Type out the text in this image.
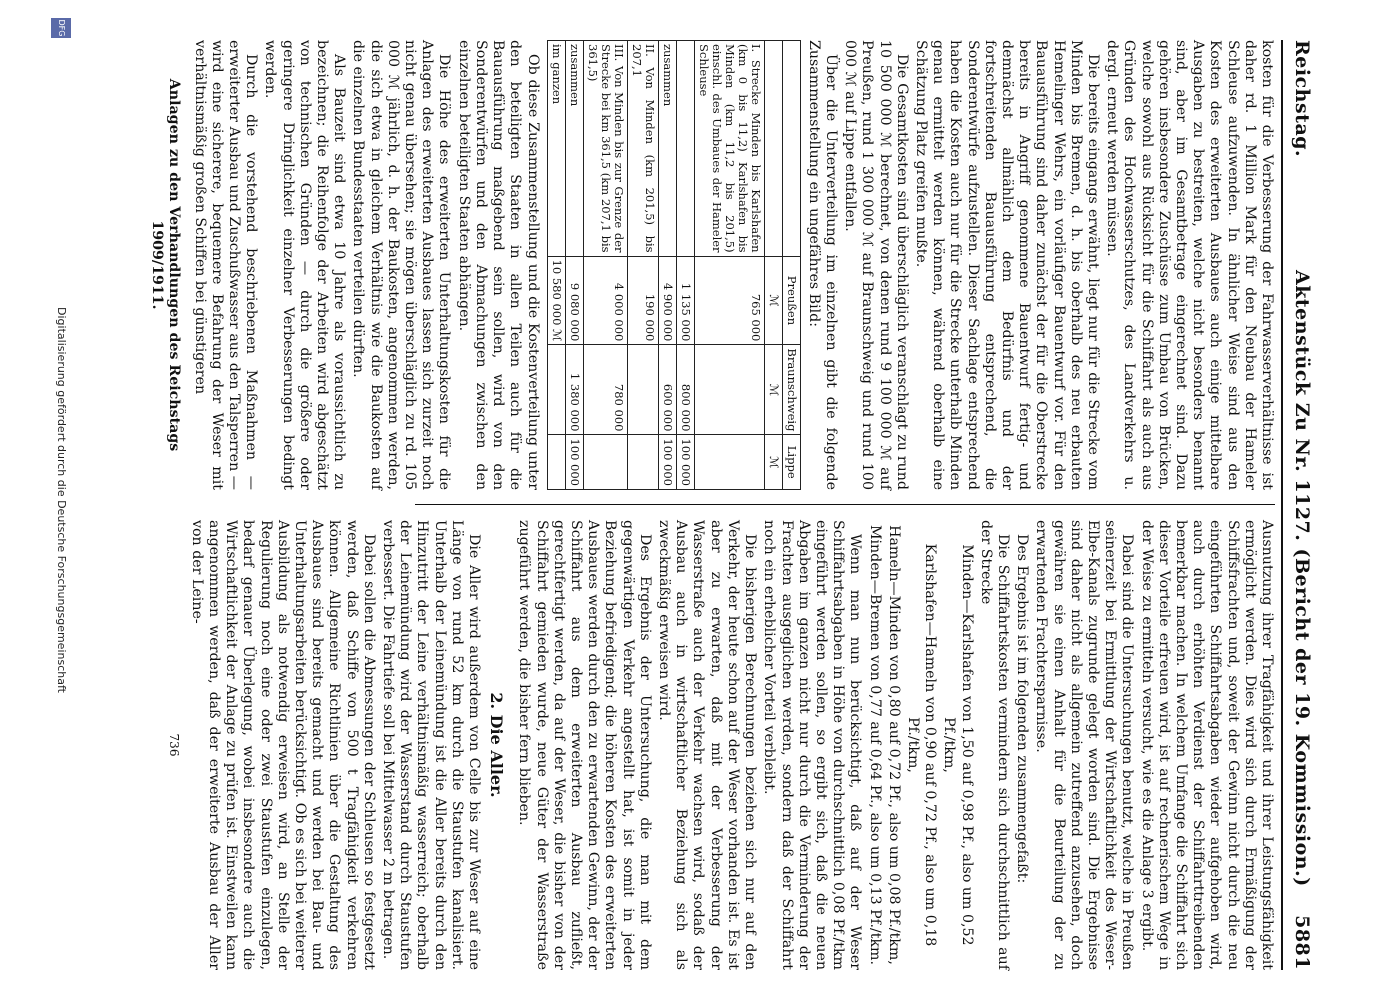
Reichstag.
Aktenstück Zu Nr. 1127. (Bericht der 19. Kommission.)
5881

kosten für die Verbesserung der Fahrwasserverhältnisse ist daher rd. 1 Million Mark für den Neubau der Hameler Schleuse aufzuwenden. In ähnlicher Weise sind aus den Kosten des erweiterten Ausbaues auch einige mittelbare Ausgaben zu bestreiten, welche nicht besonders benannt sind, aber im Gesamtbetrage eingerechnet sind. Dazu gehören insbesondere Zuschüsse zum Umbau von Brücken, welche sowohl aus Rücksicht für die Schiffahrt als auch aus Gründen des Hochwasserschutzes, des Landverkehrs u. dergl. erneut werden müssen.

Die bereits eingangs erwähnt, liegt nur für die Strecke vom Minden bis Bremen, d. h. bis oberhalb des neu erbauten Hemelinger Wehrs, ein vorläufiger Bauentwurf vor. Für den Bauausführung sind daher zunächst der für die Oberstrecke bereits in Angriff genommene Bauentwurf fertig- und demnächst allmählich dem Bedürfnis und der fortschreitenden Bauausführung entsprechend, die Sonderentwürfe aufzustellen. Dieser Sachlage entsprechend haben die Kosten auch nur für die Strecke unterhalb Minden genau ermittelt werden können, während oberhalb eine Schätzung Platz greifen mußte.

Die Gesamtkosten sind überschläglich veranschlagt zu rund 10 500 000 ℳ berechnet, von denen rund 9 100 000 ℳ auf Preußen, rund 1 300 000 ℳ auf Braunschweig und rund 100 000 ℳ auf Lippe entfallen.

Über die Unterverteilung im einzelnen gibt die folgende Zusammenstellung ein ungefähres Bild:

	Preußen	Braunschweig	Lippe
	ℳ	ℳ	ℳ
I. Strecke Minden bis Karlshafen (km 0 bis 11,2) Karlshafen bis Minden (km 11,2 bis 201,5) einschl. des Umbaues der Hameler Schleuse	765 000		
	1 135 000	800 000	100 000
zusammen	4 900 000	600 000	100 000
II. Von Minden (km 201,5) bis 207,1	190 000		
III. Von Minden bis zur Grenze der Strecke bei km 361,5 (km 207,1 bis 361,5)	4 000 000	780 000	
zusammen	9 080 000	1 380 000	100 000
im ganzen	10 580 000 ℳ		

Ob diese Zusammenstellung und die Kostenverteilung unter den beteiligten Staaten in allen Teilen auch für die Bauausführung maßgebend sein sollen, wird von den Sonderentwürfen und den Abmachungen zwischen den einzelnen beteiligten Staaten abhängen.

Die Höhe des erweiterten Unterhaltungskosten für die Anlagen des erweiterten Ausbaues lassen sich zurzeit noch nicht genau übersehen; sie mögen überschläglich zu rd. 105 000 ℳ jährlich, d. h. der Baukosten, angenommen werden, die sich etwa in gleichem Verhältnis wie die Baukosten auf die einzelnen Bundesstaaten verteilen dürften.

Als Bauzeit sind etwa 10 Jahre als voraussichtlich zu bezeichnen; die Reihenfolge der Arbeiten wird abgeschätzt von technischen Gründen — durch die größere oder geringere Dringlichkeit einzelner Verbesserungen bedingt werden.

Durch die vorstehend beschriebenen Maßnahmen — erweiterter Ausbau und Zuschußwasser aus den Talsperren — wird eine sicherere, bequemere Befahrung der Weser mit verhältnismäßig großen Schiffen bei günstigeren

Anlagen zu den Verhandlungen des Reichstags 1909/1911.

Ausnutzung ihrer Tragfähigkeit und ihrer Leistungsfähigkeit ermöglicht werden. Dies wird sich durch Ermäßigung der Schiffsfrachten und, soweit der Gewinn nicht durch die neu eingeführten Schiffahrtsabgaben wieder aufgehoben wird, auch durch erhöhten Verdienst der Schiffahrttreibenden bemerkbar machen. In welchem Umfange die Schiffahrt sich dieser Vorteile erfreuen wird, ist auf rechnerischem Wege in der Weise zu ermitteln versucht, wie es die Anlage 3 ergibt.

Dabei sind die Untersuchungen benutzt, welche in Preußen seinerzeit bei Ermittlung der Wirtschaftlichkeit des Weser-Elbe-Kanals zugrunde gelegt worden sind. Die Ergebnisse sind daher nicht als allgemein zutreffend anzusehen, doch gewähren sie einen Anhalt für die Beurteilung der zu erwartenden Frachtersparnisse.

Des Ergebnis ist im folgenden zusammengefaßt:

Die Schiffahrtskosten vermindern sich durchschnittlich auf der Strecke

Minden—Karlshafen von 1,50 auf 0,98 Pf., also um 0,52 Pf./tkm,

Karlshafen—Hameln von 0,90 auf 0,72 Pf., also um 0,18 Pf./tkm,

Hameln—Minden von 0,80 auf 0,72 Pf., also um 0,08 Pf./tkm,

Minden—Bremen von 0,77 auf 0,64 Pf., also um 0,13 Pf./tkm.

Wenn man nun berücksichtigt, daß auf der Weser Schiffahrtsabgaben in Höhe von durchschnittlich 0,08 Pf./tkm eingeführt werden sollen, so ergibt sich, daß die neuen Abgaben im ganzen nicht nur durch die Verminderung der Frachten ausgeglichen werden, sondern daß der Schiffahrt noch ein erheblicher Vorteil verbleibt.

Die bisherigen Berechnungen beziehen sich nur auf den Verkehr, der heute schon auf der Weser vorhanden ist. Es ist aber zu erwarten, daß mit der Verbesserung der Wasserstraße auch der Verkehr wachsen wird, sodaß der Ausbau auch in wirtschaftlicher Beziehung sich als zweckmäßig erweisen wird.

Des Ergebnis der Untersuchung, die man mit dem gegenwärtigen Verkehr angestellt hat, ist somit in jeder Beziehung befriedigend; die höheren Kosten des erweiterten Ausbaues werden durch den zu erwartenden Gewinn, der der Schiffahrt aus dem erweiterten Ausbau zufließt, gerechtfertigt werden, da auf der Weser, die bisher von der Schiffahrt gemieden wurde, neue Güter der Wasserstraße zugeführt werden, die bisher fern blieben.

2. Die Aller.

Die Aller wird außerdem von Celle bis zur Weser auf eine Länge von rund 52 km durch die Staustufen kanalisiert. Unterhalb der Leinemündung ist die Aller bereits durch den Hinzutritt der Leine verhältnismäßig wasserreich; oberhalb der Leinemündung wird der Wasserstand durch Staustufen verbessert. Die Fahrtiefe soll bei Mittelwasser 2 m betragen.

Dabei sollen die Abmessungen der Schleusen so festgesetzt werden, daß Schiffe von 500 t Tragfähigkeit verkehren können. Allgemeine Richtlinien über die Gestaltung des Ausbaues sind bereits gemacht und werden bei Bau- und Unterhaltungsarbeiten berücksichtigt. Ob es sich bei weiterer Ausbildung als notwendig erweisen wird, an Stelle der Regulierung noch eine oder zwei Staustufen einzulegen, bedarf genauer Überlegung, wobei insbesondere auch die Wirtschaftlichkeit der Anlage zu prüfen ist. Einstweilen kann angenommen werden, daß der erweiterte Ausbau der Aller von der Leine-

736

Digitalisierung gefördert durch die Deutsche Forschungsgemeinschaft
DFG
